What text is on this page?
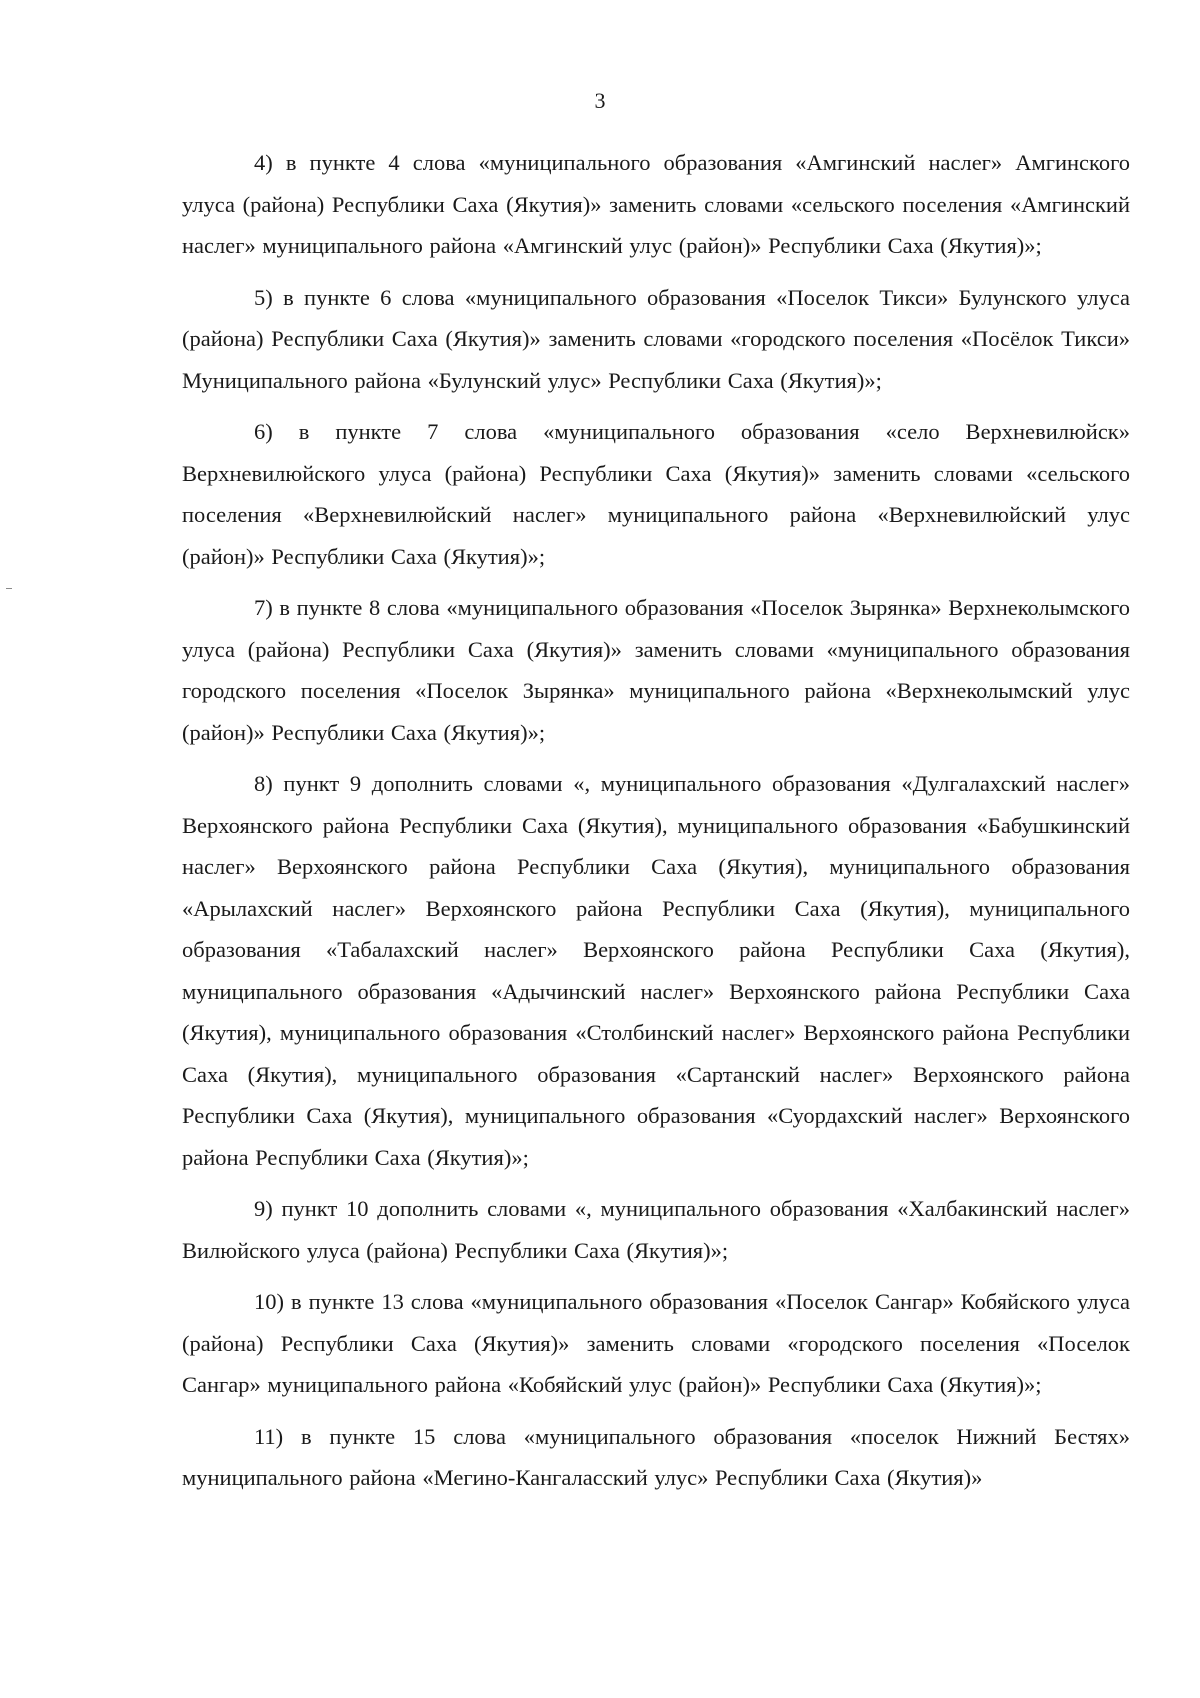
3

4) в пункте 4 слова «муниципального образования «Амгинский наслег» Амгинского улуса (района) Республики Саха (Якутия)» заменить словами «сельского поселения «Амгинский наслег» муниципального района «Амгинский улус (район)» Республики Саха (Якутия)»;

5) в пункте 6 слова «муниципального образования «Поселок Тикси» Булунского улуса (района) Республики Саха (Якутия)» заменить словами «городского поселения «Посёлок Тикси» Муниципального района «Булунский улус» Республики Саха (Якутия)»;

6) в пункте 7 слова «муниципального образования «село Верхневилюйск» Верхневилюйского улуса (района) Республики Саха (Якутия)» заменить словами «сельского поселения «Верхневилюйский наслег» муниципального района «Верхневилюйский улус (район)» Республики Саха (Якутия)»;

7) в пункте 8 слова «муниципального образования «Поселок Зырянка» Верхнеколымского улуса (района) Республики Саха (Якутия)» заменить словами «муниципального образования городского поселения «Поселок Зырянка» муниципального района «Верхнеколымский улус (район)» Республики Саха (Якутия)»;

8) пункт 9 дополнить словами «, муниципального образования «Дулгалахский наслег» Верхоянского района Республики Саха (Якутия), муниципального образования «Бабушкинский наслег» Верхоянского района Республики Саха (Якутия), муниципального образования «Арылахский наслег» Верхоянского района Республики Саха (Якутия), муниципального образования «Табалахский наслег» Верхоянского района Республики Саха (Якутия), муниципального образования «Адычинский наслег» Верхоянского района Республики Саха (Якутия), муниципального образования «Столбинский наслег» Верхоянского района Республики Саха (Якутия), муниципального образования «Сартанский наслег» Верхоянского района Республики Саха (Якутия), муниципального образования «Суордахский наслег» Верхоянского района Республики Саха (Якутия)»;

9) пункт 10 дополнить словами «, муниципального образования «Халбакинский наслег» Вилюйского улуса (района) Республики Саха (Якутия)»;

10) в пункте 13 слова «муниципального образования «Поселок Сангар» Кобяйского улуса (района) Республики Саха (Якутия)» заменить словами «городского поселения «Поселок Сангар» муниципального района «Кобяйский улус (район)» Республики Саха (Якутия)»;

11) в пункте 15 слова «муниципального образования «поселок Нижний Бестях» муниципального района «Мегино-Кангаласский улус» Республики Саха (Якутия)»
